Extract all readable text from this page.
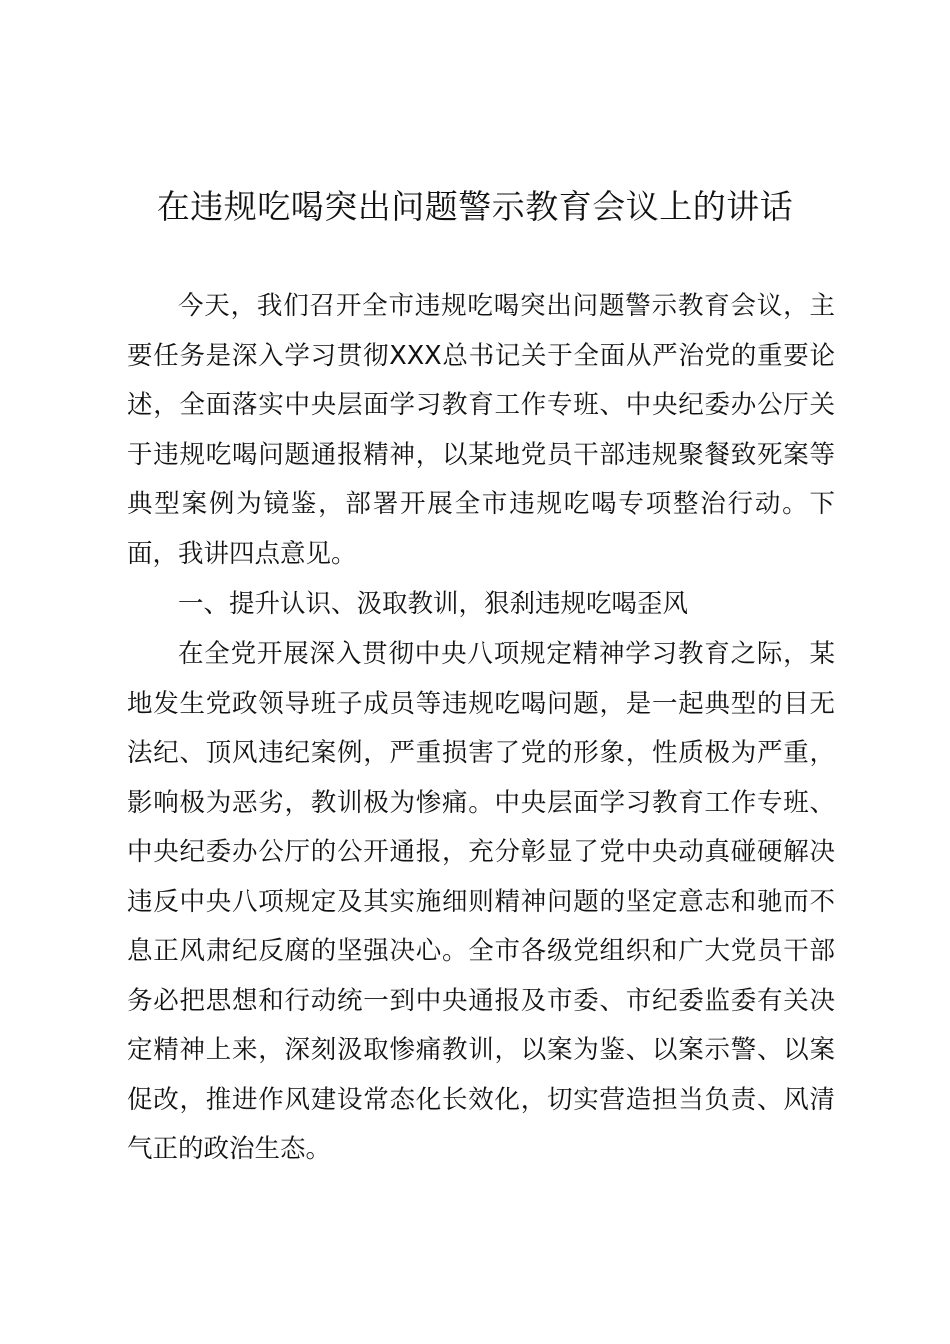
在违规吃喝突出问题警示教育会议上的讲话

今天，我们召开全市违规吃喝突出问题警示教育会议，主要任务是深入学习贯彻XXX总书记关于全面从严治党的重要论述，全面落实中央层面学习教育工作专班、中央纪委办公厅关于违规吃喝问题通报精神，以某地党员干部违规聚餐致死案等典型案例为镜鉴，部署开展全市违规吃喝专项整治行动。下面，我讲四点意见。

一、提升认识、汲取教训，狠刹违规吃喝歪风

在全党开展深入贯彻中央八项规定精神学习教育之际，某地发生党政领导班子成员等违规吃喝问题，是一起典型的目无法纪、顶风违纪案例，严重损害了党的形象，性质极为严重，影响极为恶劣，教训极为惨痛。中央层面学习教育工作专班、中央纪委办公厅的公开通报，充分彰显了党中央动真碰硬解决违反中央八项规定及其实施细则精神问题的坚定意志和驰而不息正风肃纪反腐的坚强决心。全市各级党组织和广大党员干部务必把思想和行动统一到中央通报及市委、市纪委监委有关决定精神上来，深刻汲取惨痛教训，以案为鉴、以案示警、以案促改，推进作风建设常态化长效化，切实营造担当负责、风清气正的政治生态。
